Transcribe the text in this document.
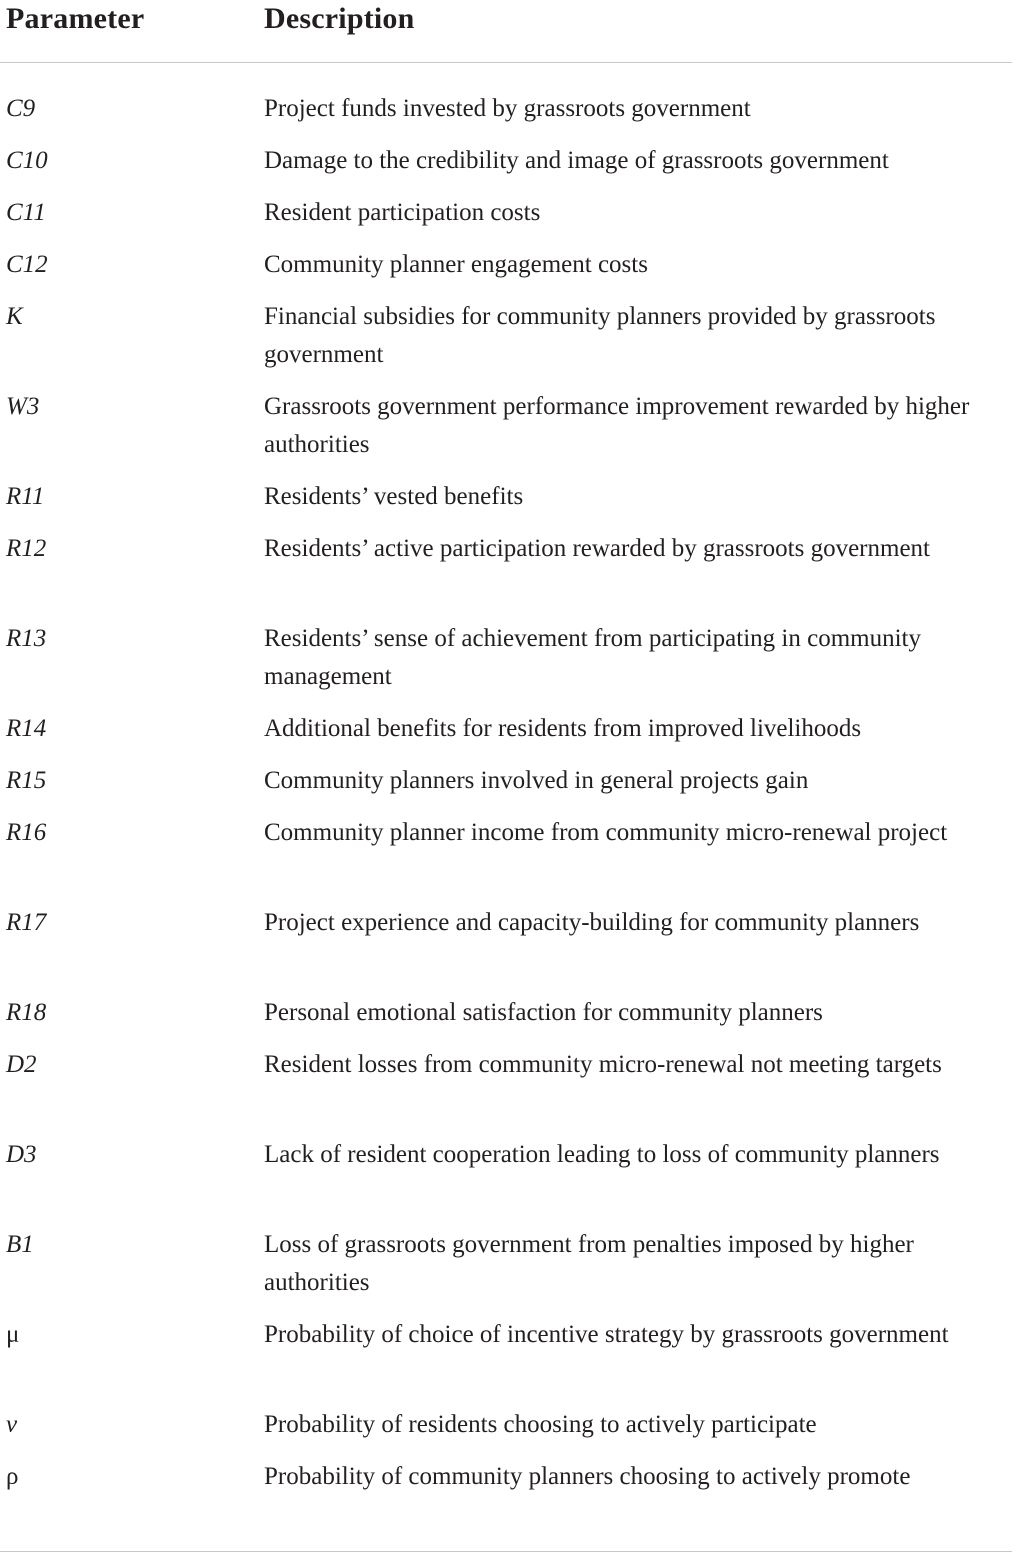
Parameter	Description
C9	Project funds invested by grassroots government
C10	Damage to the credibility and image of grassroots government
C11	Resident participation costs
C12	Community planner engagement costs
K	Financial subsidies for community planners provided by grassroots government
W3	Grassroots government performance improvement rewarded by higher authorities
R11	Residents’ vested benefits
R12	Residents’ active participation rewarded by grassroots government
R13	Residents’ sense of achievement from participating in community management
R14	Additional benefits for residents from improved livelihoods
R15	Community planners involved in general projects gain
R16	Community planner income from community micro-renewal project
R17	Project experience and capacity-building for community planners
R18	Personal emotional satisfaction for community planners
D2	Resident losses from community micro-renewal not meeting targets
D3	Lack of resident cooperation leading to loss of community planners
B1	Loss of grassroots government from penalties imposed by higher authorities
μ	Probability of choice of incentive strategy by grassroots government
ν	Probability of residents choosing to actively participate
ρ	Probability of community planners choosing to actively promote
